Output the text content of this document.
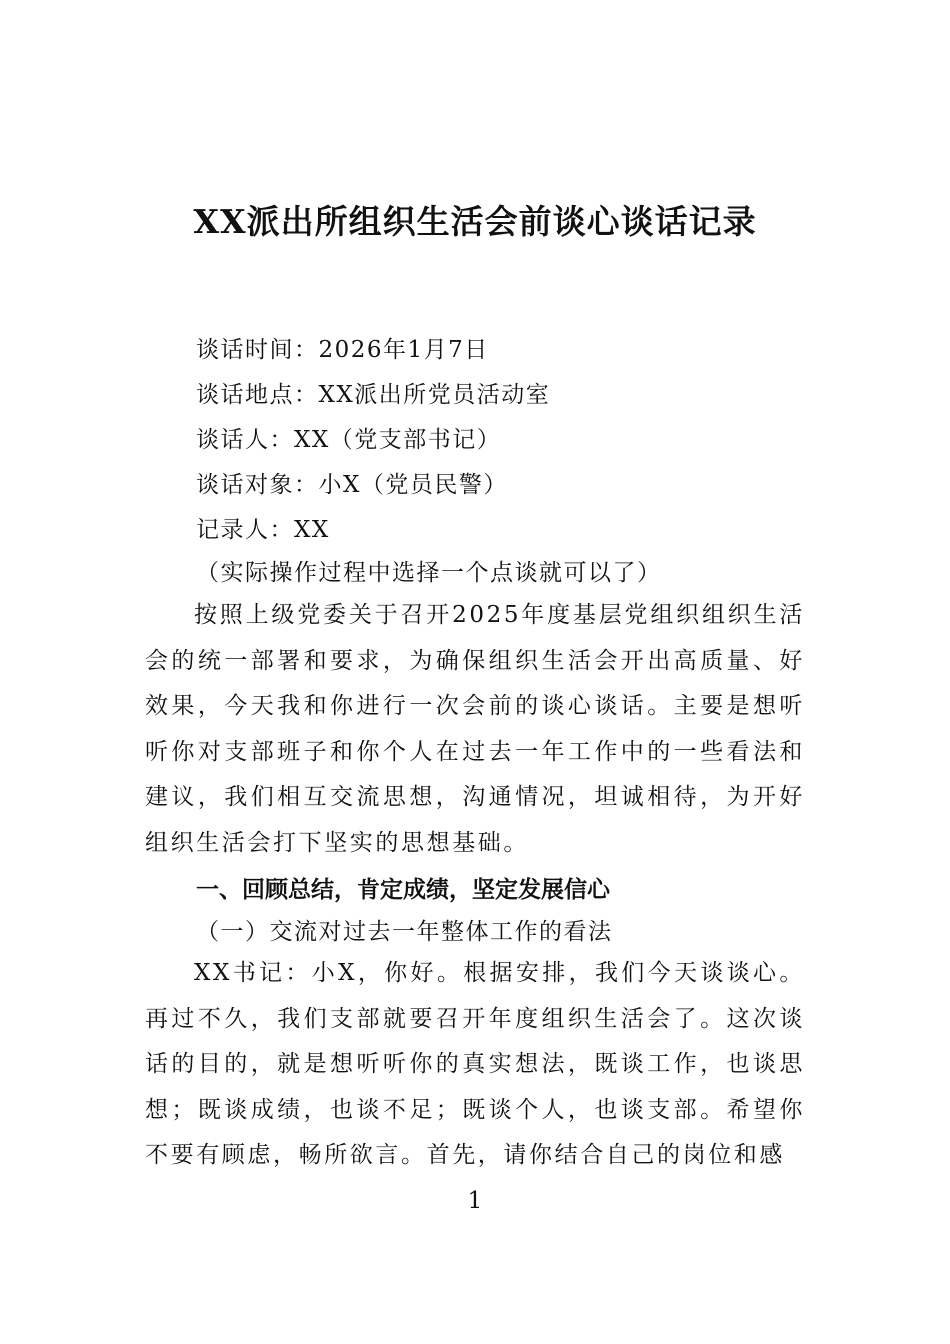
XX派出所组织生活会前谈心谈话记录
谈话时间：2026年1月7日
谈话地点：XX派出所党员活动室
谈话人：XX（党支部书记）
谈话对象：小X（党员民警）
记录人：XX
（实际操作过程中选择一个点谈就可以了）
按照上级党委关于召开2025年度基层党组织组织生活会的统一部署和要求，为确保组织生活会开出高质量、好效果，今天我和你进行一次会前的谈心谈话。主要是想听听你对支部班子和你个人在过去一年工作中的一些看法和建议，我们相互交流思想，沟通情况，坦诚相待，为开好组织生活会打下坚实的思想基础。
一、回顾总结，肯定成绩，坚定发展信心
（一）交流对过去一年整体工作的看法
XX书记：小X，你好。根据安排，我们今天谈谈心。再过不久，我们支部就要召开年度组织生活会了。这次谈话的目的，就是想听听你的真实想法，既谈工作，也谈思想；既谈成绩，也谈不足；既谈个人，也谈支部。希望你不要有顾虑，畅所欲言。首先，请你结合自己的岗位和感
1
